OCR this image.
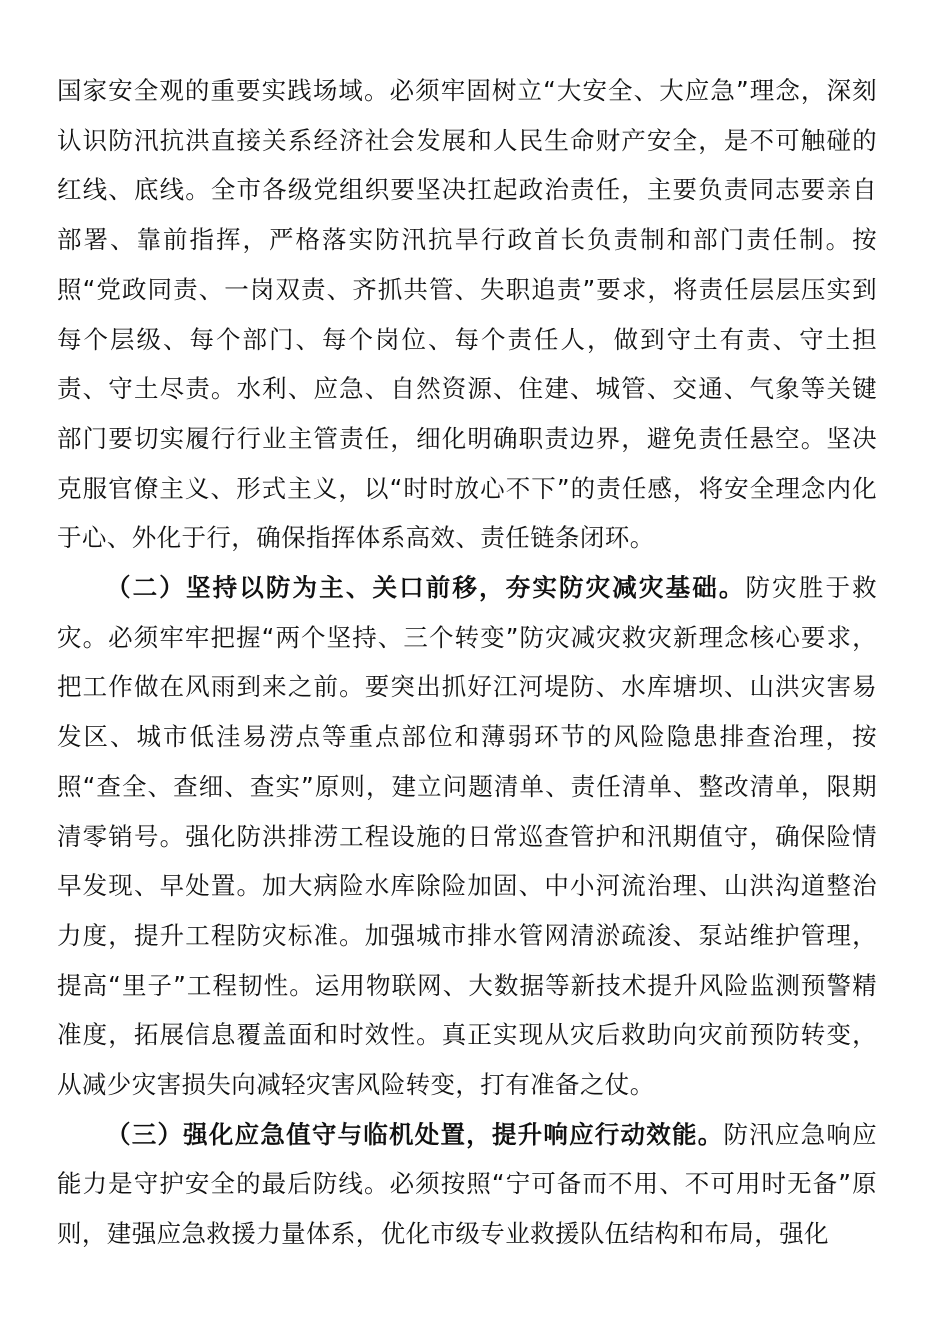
国家安全观的重要实践场域。必须牢固树立“大安全、大应急”理念，深刻认识防汛抗洪直接关系经济社会发展和人民生命财产安全，是不可触碰的红线、底线。全市各级党组织要坚决扛起政治责任，主要负责同志要亲自部署、靠前指挥，严格落实防汛抗旱行政首长负责制和部门责任制。按照“党政同责、一岗双责、齐抓共管、失职追责”要求，将责任层层压实到每个层级、每个部门、每个岗位、每个责任人，做到守土有责、守土担责、守土尽责。水利、应急、自然资源、住建、城管、交通、气象等关键部门要切实履行行业主管责任，细化明确职责边界，避免责任悬空。坚决克服官僚主义、形式主义，以“时时放心不下”的责任感，将安全理念内化于心、外化于行，确保指挥体系高效、责任链条闭环。

（二）坚持以防为主、关口前移，夯实防灾减灾基础。防灾胜于救灾。必须牢牢把握“两个坚持、三个转变”防灾减灾救灾新理念核心要求，把工作做在风雨到来之前。要突出抓好江河堤防、水库塘坝、山洪灾害易发区、城市低洼易涝点等重点部位和薄弱环节的风险隐患排查治理，按照“查全、查细、查实”原则，建立问题清单、责任清单、整改清单，限期清零销号。强化防洪排涝工程设施的日常巡查管护和汛期值守，确保险情早发现、早处置。加大病险水库除险加固、中小河流治理、山洪沟道整治力度，提升工程防灾标准。加强城市排水管网清淤疏浚、泵站维护管理，提高“里子”工程韧性。运用物联网、大数据等新技术提升风险监测预警精准度，拓展信息覆盖面和时效性。真正实现从灾后救助向灾前预防转变，从减少灾害损失向减轻灾害风险转变，打有准备之仗。

（三）强化应急值守与临机处置，提升响应行动效能。防汛应急响应能力是守护安全的最后防线。必须按照“宁可备而不用、不可用时无备”原则，建强应急救援力量体系，优化市级专业救援队伍结构和布局，强化
